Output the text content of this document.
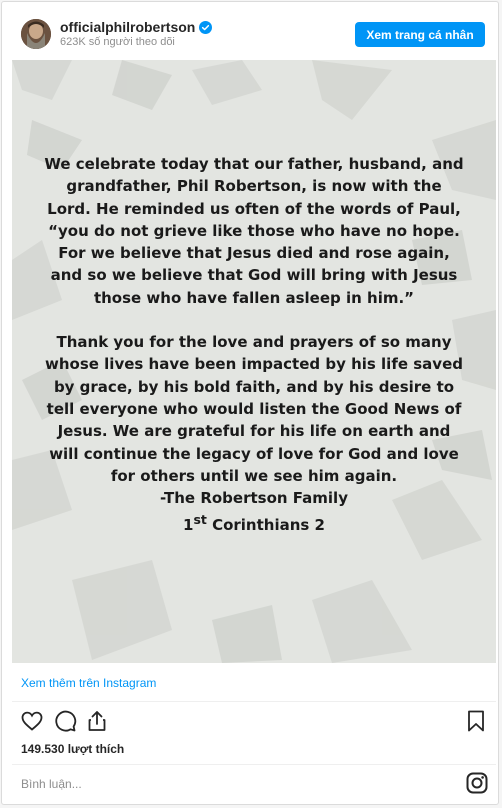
officialphilrobertson
623K số người theo dõi
Xem trang cá nhân

We celebrate today that our father, husband, and

grandfather, Phil Robertson, is now with the

Lord. He reminded us often of the words of Paul,

“you do not grieve like those who have no hope.

For we believe that Jesus died and rose again,

and so we believe that God will bring with Jesus

those who have fallen asleep in him.”

Thank you for the love and prayers of so many

whose lives have been impacted by his life saved

by grace, by his bold faith, and by his desire to

tell everyone who would listen the Good News of

Jesus. We are grateful for his life on earth and

will continue the legacy of love for God and love

for others until we see him again.

-The Robertson Family

1st Corinthians 2

Xem thêm trên Instagram
149.530 lượt thích
Bình luận...
